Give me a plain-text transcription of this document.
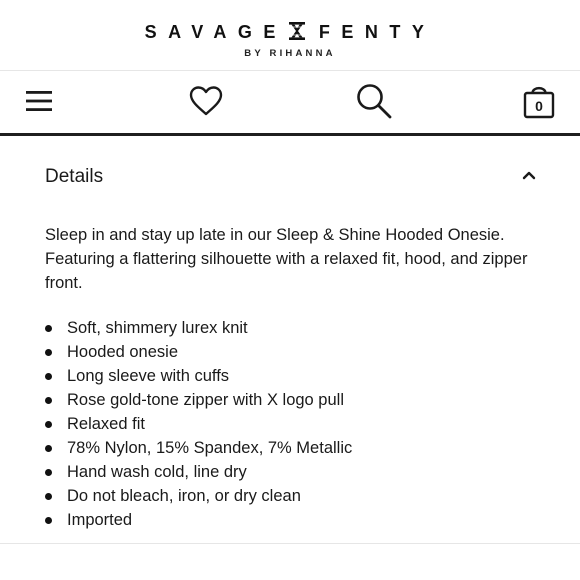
SAVAGE FENTY
BY RIHANNA
0
Details

Sleep in and stay up late in our Sleep & Shine Hooded Onesie. Featuring a flattering silhouette with a relaxed fit, hood, and zipper front.

Soft, shimmery lurex knit
Hooded onesie
Long sleeve with cuffs
Rose gold-tone zipper with X logo pull
Relaxed fit
78% Nylon, 15% Spandex, 7% Metallic
Hand wash cold, line dry
Do not bleach, iron, or dry clean
Imported
